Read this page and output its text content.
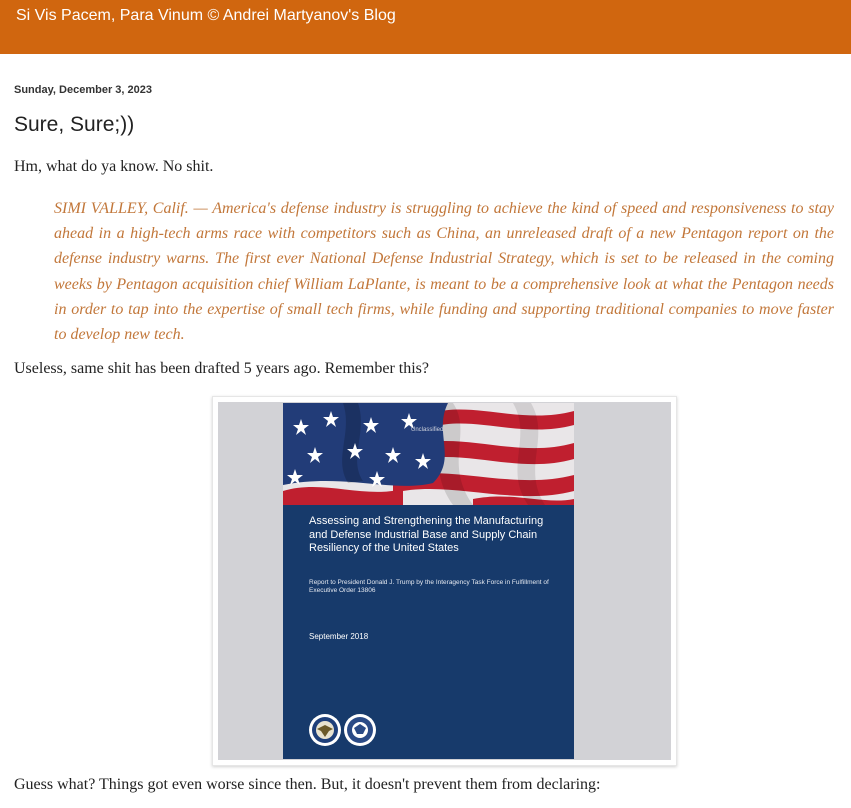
Si Vis Pacem, Para Vinum © Andrei Martyanov's Blog
Sunday, December 3, 2023
Sure, Sure;))

Hm, what do ya know. No shit.

SIMI VALLEY, Calif. — America's defense industry is struggling to achieve the kind of speed and responsiveness to stay ahead in a high-tech arms race with competitors such as China, an unreleased draft of a new Pentagon report on the defense industry warns. The first ever National Defense Industrial Strategy, which is set to be released in the coming weeks by Pentagon acquisition chief William LaPlante, is meant to be a comprehensive look at what the Pentagon needs in order to tap into the expertise of small tech firms, while funding and supporting traditional companies to move faster to develop new tech.

Useless, same shit has been drafted 5 years ago. Remember this?

Unclassified
Assessing and Strengthening the Manufacturing and Defense Industrial Base and Supply Chain Resiliency of the United States
Report to President Donald J. Trump by the Interagency Task Force in Fulfillment of Executive Order 13806
September 2018

Guess what? Things got even worse since then. But, it doesn't prevent them from declaring:
